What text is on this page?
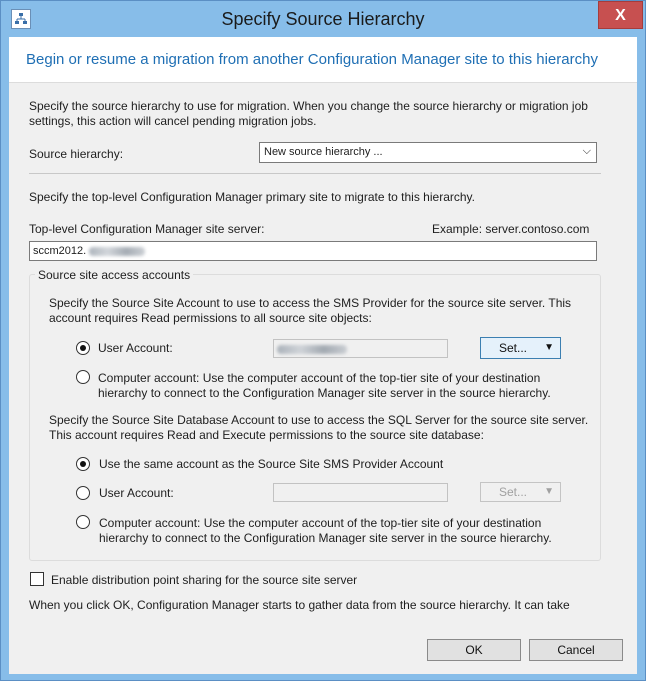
Specify Source Hierarchy	X
Begin or resume a migration from another Configuration Manager site to this hierarchy
Specify the source hierarchy to use for migration. When you change the source hierarchy or migration job settings, this action will cancel pending migration jobs.
Source hierarchy:	New source hierarchy ...	⌵
Specify the top-level Configuration Manager primary site to migrate to this hierarchy.
Top-level Configuration Manager site server:	Example: server.contoso.com
sccm2012.
Source site access accounts
Specify the Source Site Account to use to access the SMS Provider for the source site server. This account requires Read permissions to all source site objects:
User Account:	Set... ▼
Computer account: Use the computer account of the top-tier site of your destination hierarchy to connect to the Configuration Manager site server in the source hierarchy.
Specify the Source Site Database Account to use to access the SQL Server for the source site server. This account requires Read and Execute permissions to the source site database:
Use the same account as the Source Site SMS Provider Account
User Account:	Set... ▼
Computer account: Use the computer account of the top-tier site of your destination hierarchy to connect to the Configuration Manager site server in the source hierarchy.
Enable distribution point sharing for the source site server
When you click OK, Configuration Manager starts to gather data from the source hierarchy. It can take
OK	Cancel
